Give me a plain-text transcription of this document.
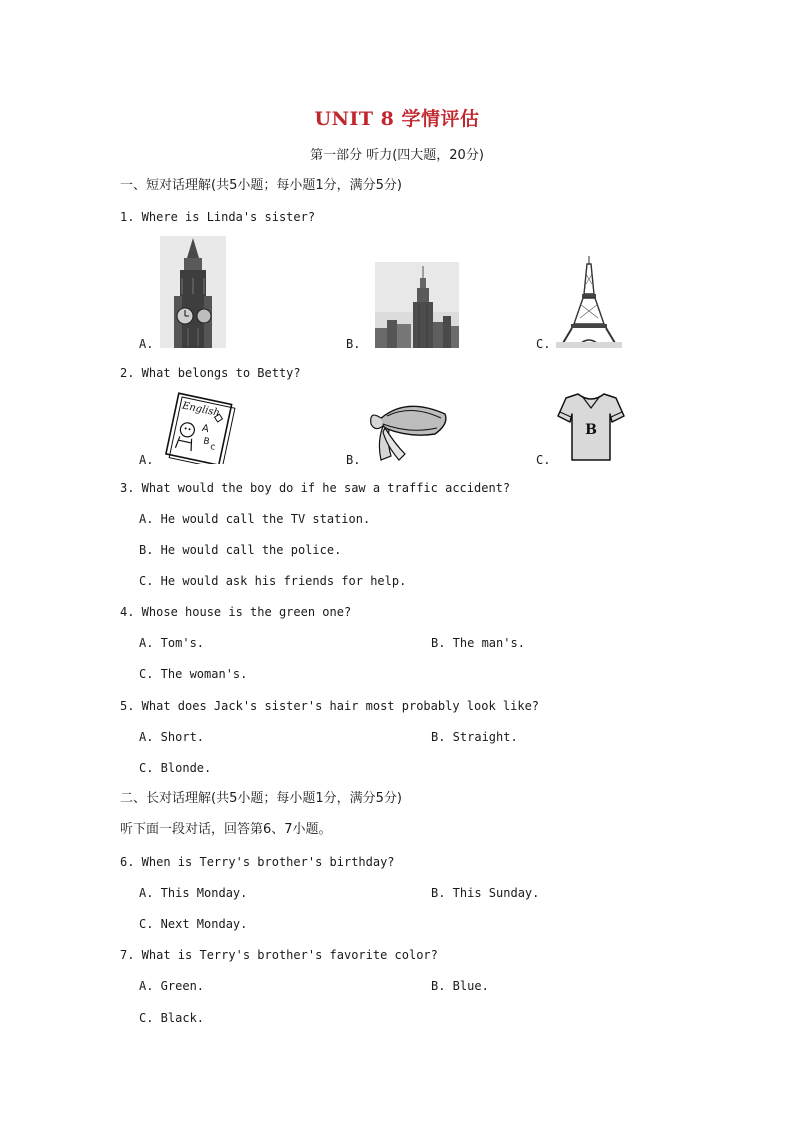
UNIT 8 学情评估
第一部分 听力(四大题，20分)
一、短对话理解(共5小题；每小题1分，满分5分)
1. Where is Linda's sister?
A.	B.	C.
2. What belongs to Betty?
English
A
B
c
A.	B.
B
C.
3. What would the boy do if he saw a traffic accident?
A. He would call the TV station.
B. He would call the police.
C. He would ask his friends for help.
4. Whose house is the green one?
A. Tom's.	B. The man's.
C. The woman's.
5. What does Jack's sister's hair most probably look like?
A. Short.	B. Straight.
C. Blonde.
二、长对话理解(共5小题；每小题1分，满分5分)
听下面一段对话，回答第6、7小题。
6. When is Terry's brother's birthday?
A. This Monday.	B. This Sunday.
C. Next Monday.
7. What is Terry's brother's favorite color?
A. Green.	B. Blue.
C. Black.
